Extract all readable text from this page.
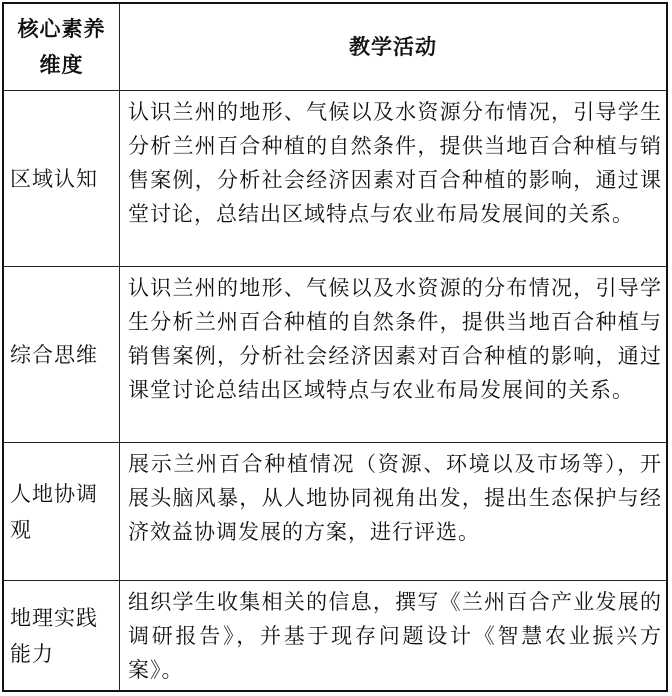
核心素养
维度
教学活动
区域认知
认识兰州的地形、气候以及水资源分布情况，引导学生分析兰州百合种植的自然条件，提供当地百合种植与销售案例，分析社会经济因素对百合种植的影响，通过课堂讨论，总结出区域特点与农业布局发展间的关系。
综合思维
认识兰州的地形、气候以及水资源的分布情况，引导学生分析兰州百合种植的自然条件，提供当地百合种植与销售案例，分析社会经济因素对百合种植的影响，通过课堂讨论总结出区域特点与农业布局发展间的关系。
人地协调观
展示兰州百合种植情况（资源、环境以及市场等），开展头脑风暴，从人地协同视角出发，提出生态保护与经济效益协调发展的方案，进行评选。
地理实践能力
组织学生收集相关的信息，撰写《兰州百合产业发展的调研报告》，并基于现存问题设计《智慧农业振兴方案》。
